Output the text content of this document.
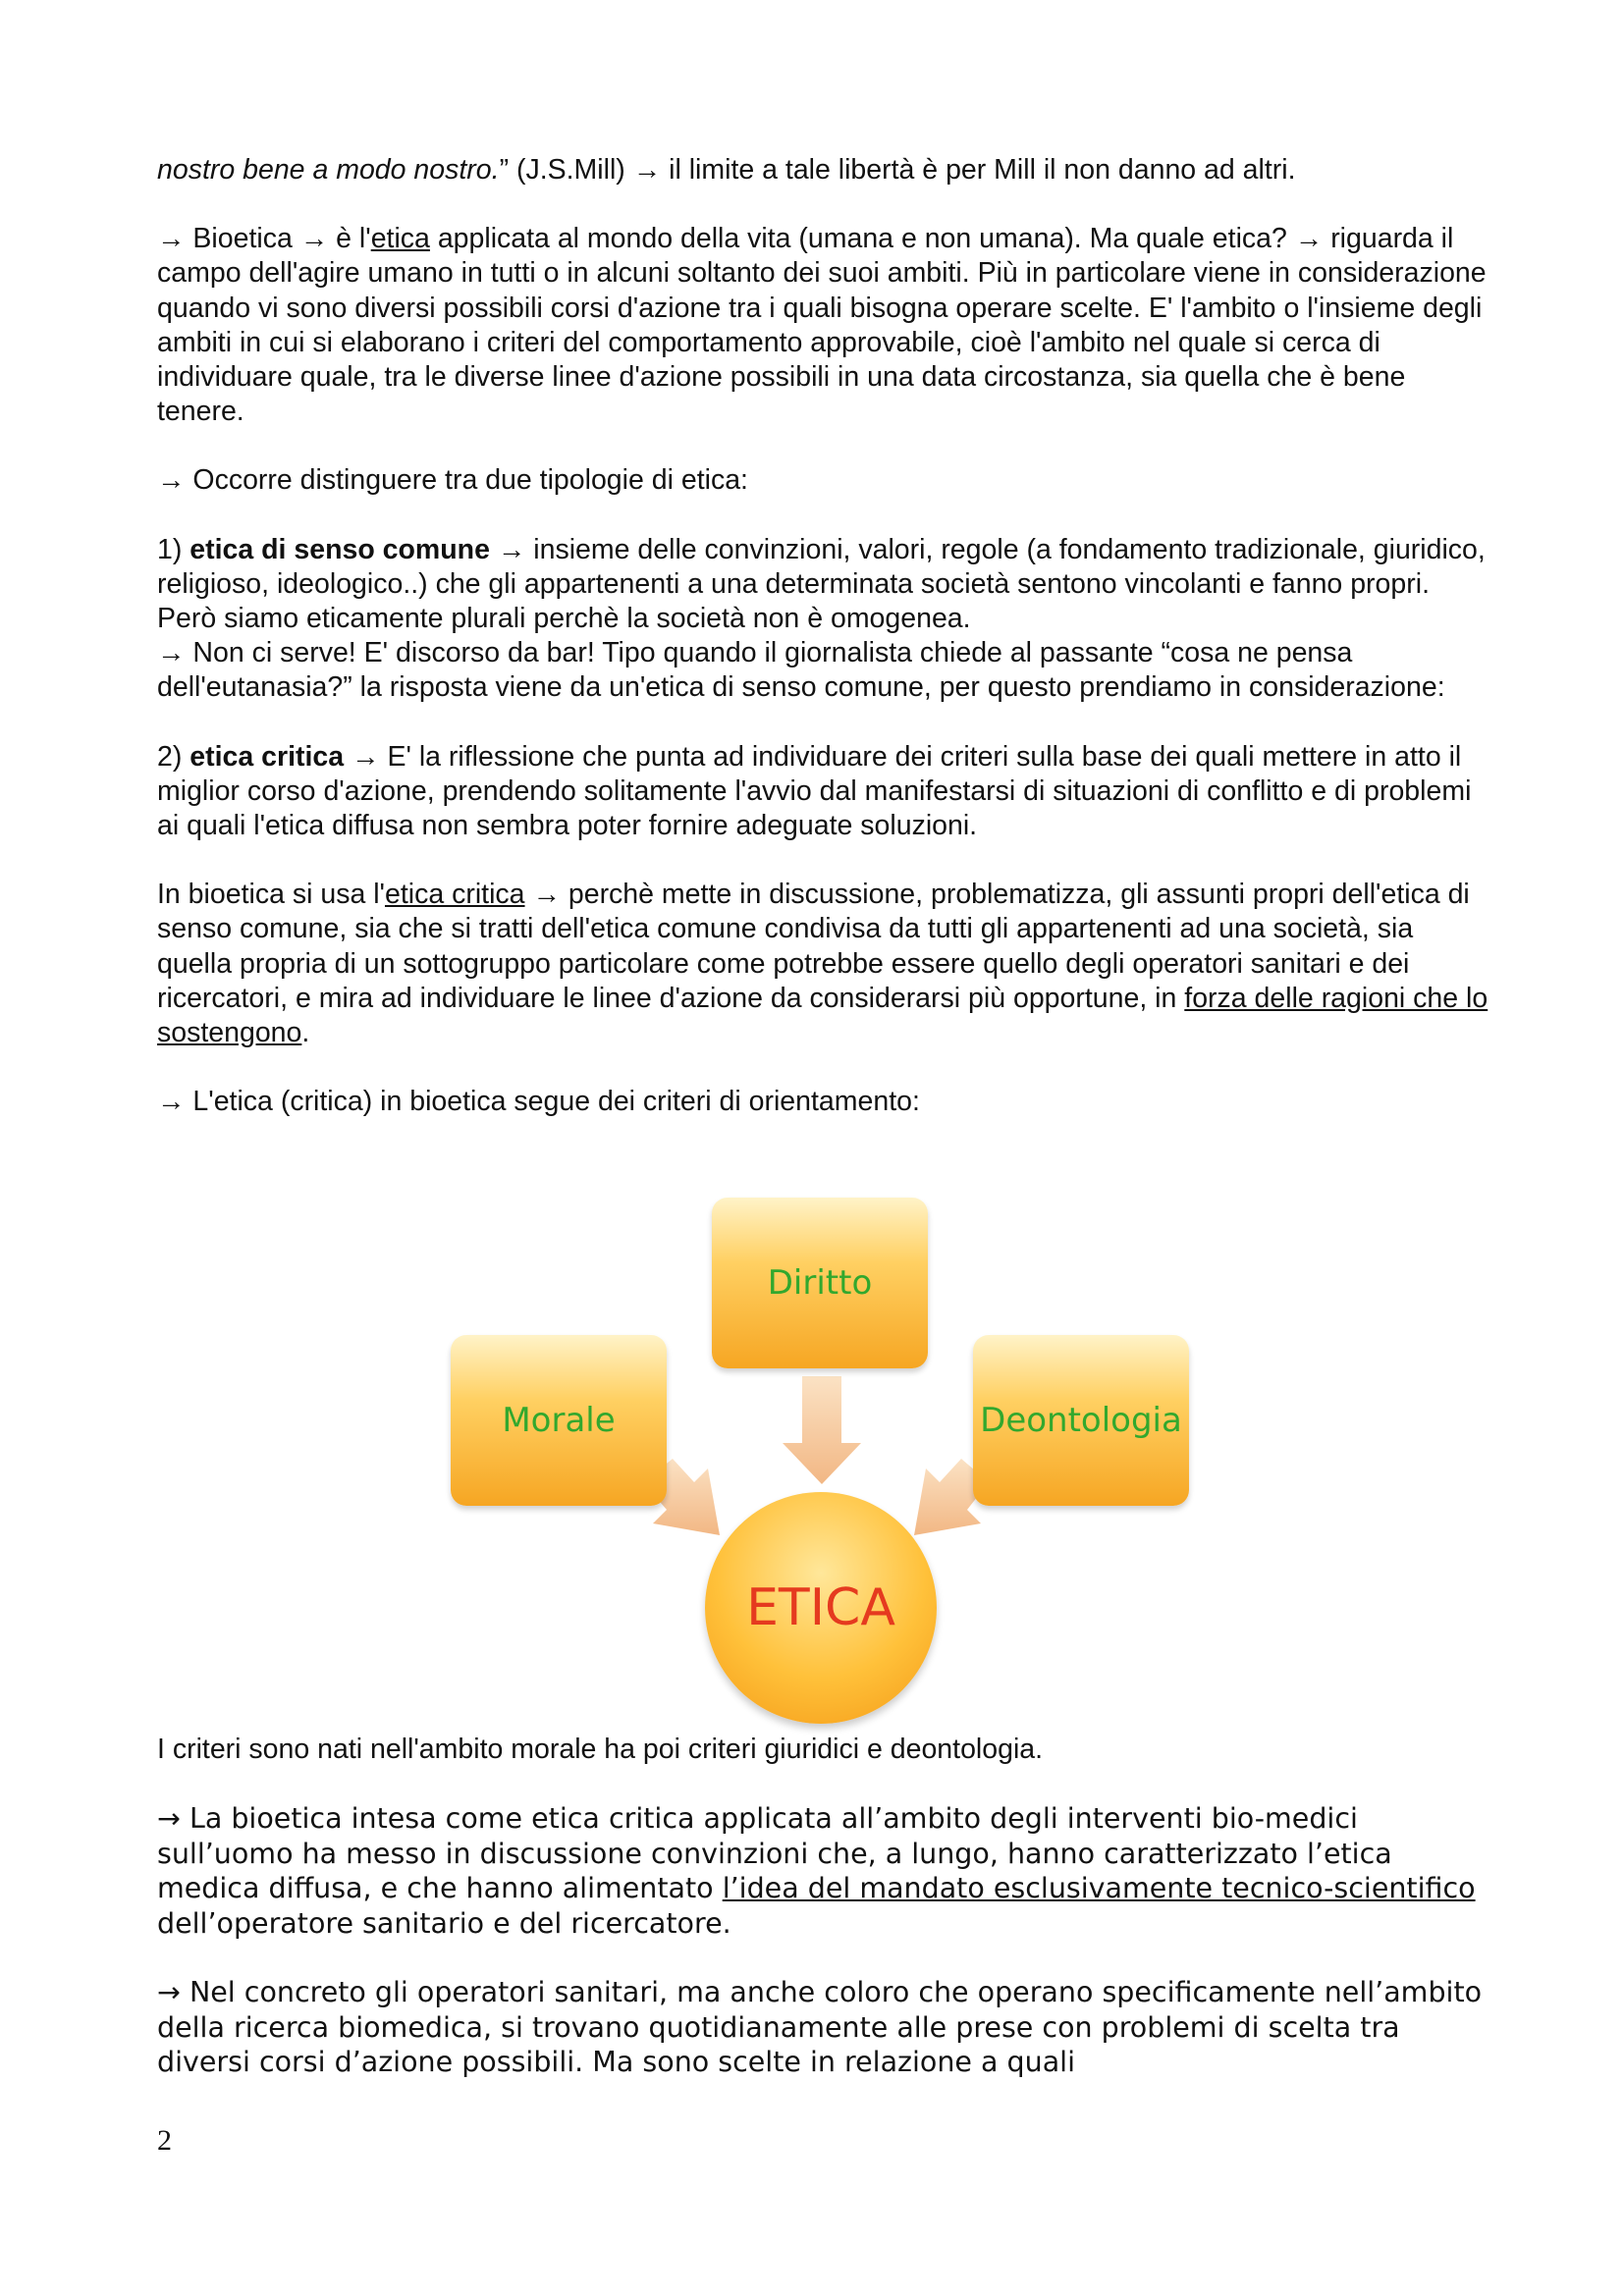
nostro bene a modo nostro.” (J.S.Mill) → il limite a tale libertà è per Mill il non danno ad altri.

→ Bioetica → è l'etica applicata al mondo della vita (umana e non umana). Ma quale etica? → riguarda il campo dell'agire umano in tutti o in alcuni soltanto dei suoi ambiti. Più in particolare viene in considerazione quando vi sono diversi possibili corsi d'azione tra i quali bisogna operare scelte. E' l'ambito o l'insieme degli ambiti in cui si elaborano i criteri del comportamento approvabile, cioè l'ambito nel quale si cerca di individuare quale, tra le diverse linee d'azione possibili in una data circostanza, sia quella che è bene tenere.

→ Occorre distinguere tra due tipologie di etica:

1) etica di senso comune → insieme delle convinzioni, valori, regole (a fondamento tradizionale, giuridico, religioso, ideologico..) che gli appartenenti a una determinata società sentono vincolanti e fanno propri. Però siamo eticamente plurali perchè la società non è omogenea.
→ Non ci serve! E' discorso da bar! Tipo quando il giornalista chiede al passante “cosa ne pensa dell'eutanasia?” la risposta viene da un'etica di senso comune, per questo prendiamo in considerazione:

2) etica critica → E' la riflessione che punta ad individuare dei criteri sulla base dei quali mettere in atto il miglior corso d'azione, prendendo solitamente l'avvio dal manifestarsi di situazioni di conflitto e di problemi ai quali l'etica diffusa non sembra poter fornire adeguate soluzioni.

In bioetica si usa l'etica critica → perchè mette in discussione, problematizza, gli assunti propri dell'etica di senso comune, sia che si tratti dell'etica comune condivisa da tutti gli appartenenti ad una società, sia quella propria di un sottogruppo particolare come potrebbe essere quello degli operatori sanitari e dei ricercatori, e mira ad individuare le linee d'azione da considerarsi più opportune, in forza delle ragioni che lo sostengono.

→ L'etica (critica) in bioetica segue dei criteri di orientamento:

Diritto
Morale	Deontologia
ETICA

I criteri sono nati nell'ambito morale ha poi criteri giuridici e deontologia.

→ La bioetica intesa come etica critica applicata all’ambito degli interventi bio-medici sull’uomo ha messo in discussione convinzioni che, a lungo, hanno caratterizzato l’etica medica diffusa, e che hanno alimentato l’idea del mandato esclusivamente tecnico-scientifico dell’operatore sanitario e del ricercatore.

→ Nel concreto gli operatori sanitari, ma anche coloro che operano specificamente nell’ambito della ricerca biomedica, si trovano quotidianamente alle prese con problemi di scelta tra diversi corsi d’azione possibili. Ma sono scelte in relazione a quali

2
